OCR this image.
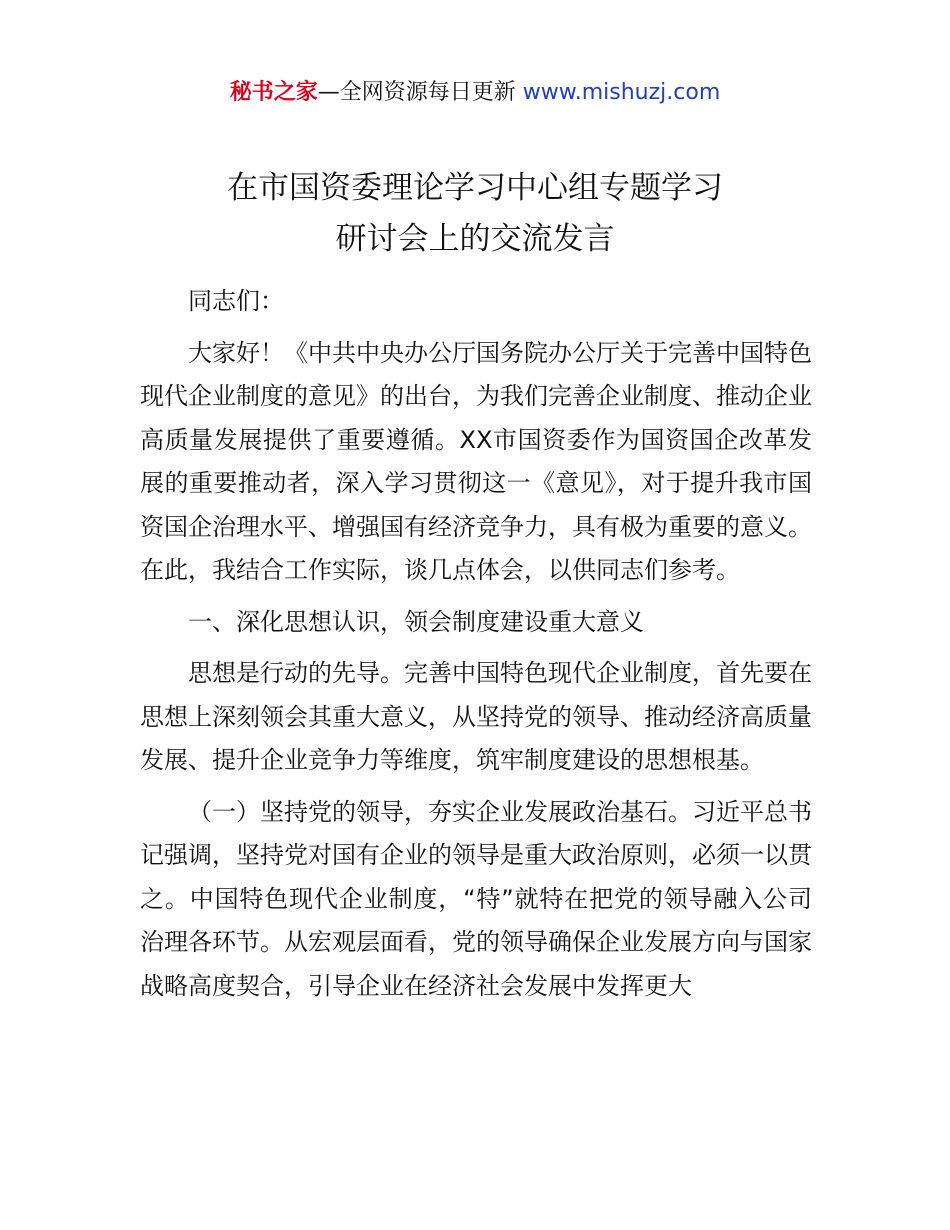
秘书之家—全网资源每日更新 www.mishuzj.com
在市国资委理论学习中心组专题学习
研讨会上的交流发言

同志们：

大家好！《中共中央办公厅国务院办公厅关于完善中国特色现代企业制度的意见》的出台，为我们完善企业制度、推动企业高质量发展提供了重要遵循。XX市国资委作为国资国企改革发展的重要推动者，深入学习贯彻这一《意见》，对于提升我市国资国企治理水平、增强国有经济竞争力，具有极为重要的意义。在此，我结合工作实际，谈几点体会，以供同志们参考。

一、深化思想认识，领会制度建设重大意义

思想是行动的先导。完善中国特色现代企业制度，首先要在思想上深刻领会其重大意义，从坚持党的领导、推动经济高质量发展、提升企业竞争力等维度，筑牢制度建设的思想根基。

（一）坚持党的领导，夯实企业发展政治基石。习近平总书记强调，坚持党对国有企业的领导是重大政治原则，必须一以贯之。中国特色现代企业制度，“特”就特在把党的领导融入公司治理各环节。从宏观层面看，党的领导确保企业发展方向与国家战略高度契合，引导企业在经济社会发展中发挥更大
